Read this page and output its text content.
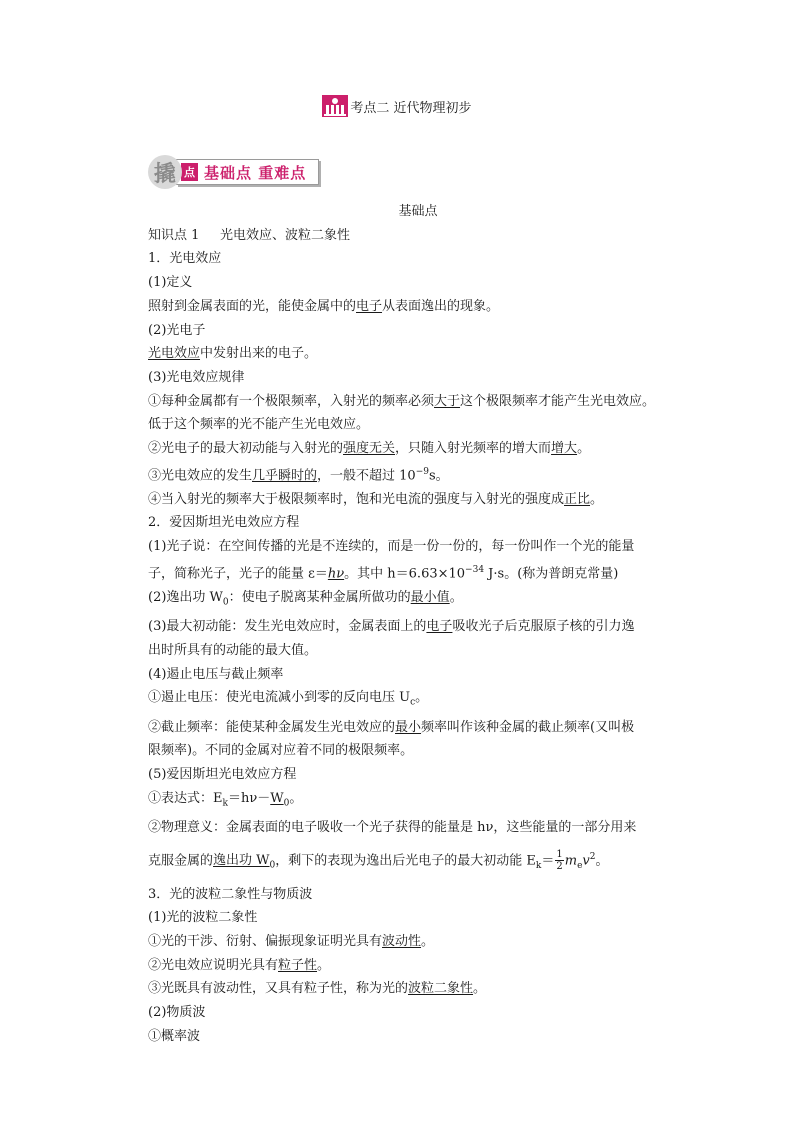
考点二 近代物理初步
撬 点 基础点 重难点

基础点

知识点 1 光电效应、波粒二象性

1．光电效应

(1)定义

照射到金属表面的光，能使金属中的电子从表面逸出的现象。

(2)光电子

光电效应中发射出来的电子。

(3)光电效应规律

①每种金属都有一个极限频率，入射光的频率必须大于这个极限频率才能产生光电效应。

低于这个频率的光不能产生光电效应。

②光电子的最大初动能与入射光的强度无关，只随入射光频率的增大而增大。

③光电效应的发生几乎瞬时的，一般不超过 $10^{-9}s$。

④当入射光的频率大于极限频率时，饱和光电流的强度与入射光的强度成正比。

2．爱因斯坦光电效应方程

(1)光子说：在空间传播的光是不连续的，而是一份一份的，每一份叫作一个光的能量

子，简称光子，光子的能量 ε＝hν。其中 $h=6.63\times 10^{-34}$ J·s。(称为普朗克常量)

(2)逸出功 $W_0$：使电子脱离某种金属所做功的最小值。

(3)最大初动能：发生光电效应时，金属表面上的电子吸收光子后克服原子核的引力逸

出时所具有的动能的最大值。

(4)遏止电压与截止频率

①遏止电压：使光电流减小到零的反向电压 $U_c$。

②截止频率：能使某种金属发生光电效应的最小频率叫作该种金属的截止频率(又叫极

限频率)。不同的金属对应着不同的极限频率。

(5)爱因斯坦光电效应方程

①表达式：$E_k=h\nu-W_0$。

②物理意义：金属表面的电子吸收一个光子获得的能量是 hν，这些能量的一部分用来

克服金属的逸出功 $W_0$，剩下的表现为逸出后光电子的最大初动能 $E_k= \frac{1}{2} m_ev^2$。

3．光的波粒二象性与物质波

(1)光的波粒二象性

①光的干涉、衍射、偏振现象证明光具有波动性。

②光电效应说明光具有粒子性。

③光既具有波动性，又具有粒子性，称为光的波粒二象性。

(2)物质波

①概率波
